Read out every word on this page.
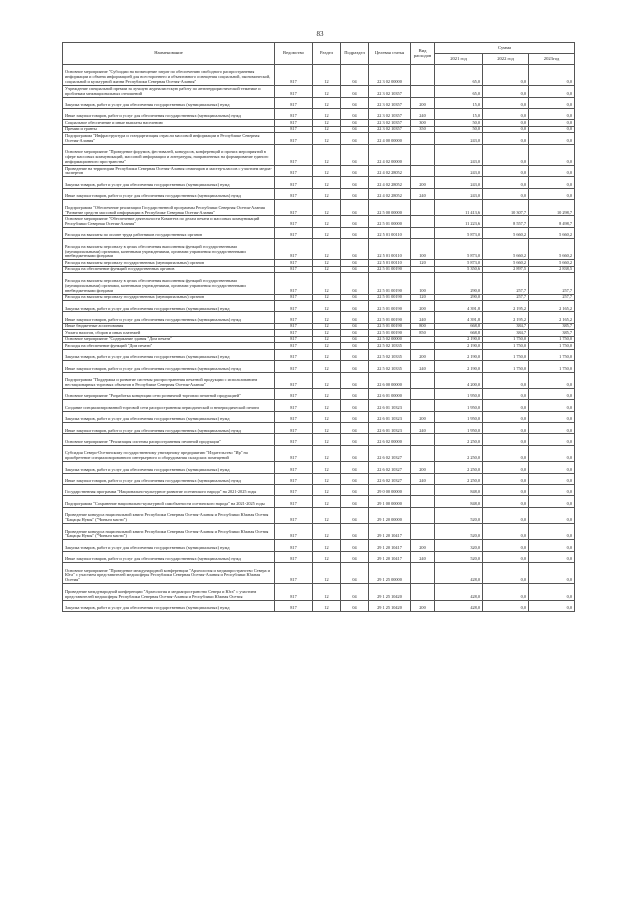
83
Наименование	Ведомство	Раздел	Подраздел	Целевая статья	Вид расходов	Сумма		
						2021 год	2022 год	2023год
Основное мероприятие "Субсидии на возмещение затрат по обеспечению свободного распространения информации и обмена информацией для всестороннего и объективного освещения социальной, экономической, социальной и культурной жизни Республики Северная Осетия-Алания"	817	12	04	22 3 02 00000		65,0	0,0	0,0
Учреждение специальной премии за лучшую журналистскую работу по антитеррористической тематике и проблемам межнациональных отношений	817	12	04	22 3 02 10357		65,0	0,0	0,0
Закупка товаров, работ и услуг для обеспечения государственных (муниципальных) нужд	817	12	04	22 3 02 10357	200	15,0	0,0	0,0
Иные закупки товаров, работ и услуг для обеспечения государственных (муниципальных) нужд	817	12	04	22 3 02 10357	240	15,0	0,0	0,0
Социальное обеспечение и иные выплаты населению	817	12	04	22 3 02 10357	300	50,0	0,0	0,0
Премии и гранты	817	12	04	22 3 02 10357	350	50,0	0,0	0,0
Подпрограмма "Инфраструктура и стандартизация отрасли массовой информации в Республике Северная Осетия-Алания"	817	12	04	22 4 00 00000		243,0	0,0	0,0
Основное мероприятие "Проведение форумов, фестивалей, конкурсов, конференций и прочих мероприятий в сфере массовых коммуникаций, массовой информации и литературы, направленных на формирование единого информационного пространства"	817	12	04	22 4 02 00000		243,0	0,0	0,0
Проведение на территории Республики Северная Осетия-Алания семинаров и мастер-классов с участием медиа-экспертов	817	12	04	22 4 02 28052		243,0	0,0	0,0
Закупка товаров, работ и услуг для обеспечения государственных (муниципальных) нужд	817	12	04	22 4 02 28052	200	243,0	0,0	0,0
Иные закупки товаров, работ и услуг для обеспечения государственных (муниципальных) нужд	817	12	04	22 4 02 28052	240	243,0	0,0	0,0
Подпрограмма "Обеспечение реализации Государственной программы Республики Северная Осетия-Алания "Развитие средств массовой информации в Республике Северная Осетия-Алания"	817	12	04	22 5 00 00000		11 413,6	10 307,7	10 298,7
Основное мероприятие "Обеспечение деятельности Комитета по делам печати и массовых коммуникаций Республики Северная Осетия-Алания"	817	12	04	22 5 01 00000		11 223,6	8 557,7	8 498,7
Расходы на выплаты по оплате труда работников государственных органов	817	12	04	22 5 01 00110		5 873,0	5 660,2	5 660,2
Расходы на выплаты персоналу в целях обеспечения выполнения функций государственными (муниципальными) органами, казенными учреждениями, органами управления государственными внебюджетными фондами	817	12	04	22 5 01 00110	100	5 873,0	5 660,2	5 660,2
Расходы на выплаты персоналу государственных (муниципальных) органов	817	12	04	22 5 01 00110	120	5 873,0	5 660,2	5 660,2
Расходы на обеспечение функций государственных органов	817	12	04	22 5 01 00190		5 350,6	2 897,5	2 838,5
Расходы на выплаты персоналу в целях обеспечения выполнения функций государственными (муниципальными) органами, казенными учреждениями, органами управления государственными внебюджетными фондами	817	12	04	22 5 01 00190	100	290,0	257,7	257,7
Расходы на выплаты персоналу государственных (муниципальных) органов	817	12	04	22 5 01 00190	120	290,0	257,7	257,7
Закупка товаров, работ и услуг для обеспечения государственных (муниципальных) нужд	817	12	04	22 5 01 00190	200	4 391,8	2 195,2	2 165,2
Иные закупки товаров, работ и услуг для обеспечения государственных (муниципальных) нужд	817	12	04	22 5 01 00190	240	4 391,8	2 195,2	2 165,2
Иные бюджетные ассигнования	817	12	04	22 5 01 00190	800	668,8	384,7	385,7
Уплата налогов, сборов и иных платежей	817	12	04	22 5 01 00190	850	668,8	384,7	385,7
Основное мероприятие "Содержание здания "Дом печати"	817	12	04	22 5 02 00000		2 190,0	1 750,0	1 750,0
Расходы на обеспечение функций "Дом печати"	817	12	04	22 5 02 10335		2 190,0	1 750,0	1 750,0
Закупка товаров, работ и услуг для обеспечения государственных (муниципальных) нужд	817	12	04	22 5 02 10335	200	2 190,0	1 750,0	1 750,0
Иные закупки товаров, работ и услуг для обеспечения государственных (муниципальных) нужд	817	12	04	22 5 02 10335	240	2 190,0	1 750,0	1 750,0
Подпрограмма "Поддержка и развитие системы распространения печатной продукции с использованием нестационарных торговых объектов в Республике Северная Осетия-Алания"	817	12	04	22 6 00 00000		4 200,0	0,0	0,0
Основное мероприятие "Разработка концепции сети розничной торговли печатной продукцией"	817	12	04	22 6 01 00000		1 950,0	0,0	0,0
Создание специализированной торговой сети распространения периодической и непериодической печати	817	12	04	22 6 01 10323		1 950,0	0,0	0,0
Закупка товаров, работ и услуг для обеспечения государственных (муниципальных) нужд	817	12	04	22 6 01 10323	200	1 950,0	0,0	0,0
Иные закупки товаров, работ и услуг для обеспечения государственных (муниципальных) нужд	817	12	04	22 6 01 10323	240	1 950,0	0,0	0,0
Основное мероприятие "Реализация системы распространения печатной продукции"	817	12	04	22 6 02 00000		2 250,0	0,0	0,0
Субсидия Северо-Осетинскому государственному унитарному предприятию "Издательство "Ир" на приобретение специализированного интерьерного и оборудования складских помещений	817	12	04	22 6 02 10327		2 250,0	0,0	0,0
Закупка товаров, работ и услуг для обеспечения государственных (муниципальных) нужд	817	12	04	22 6 02 10327	200	2 250,0	0,0	0,0
Иные закупки товаров, работ и услуг для обеспечения государственных (муниципальных) нужд	817	12	04	22 6 02 10327	240	2 250,0	0,0	0,0
Государственная программа "Национально-культурное развитие осетинского народа" на 2021-2025 годы	817	12	04	29 0 00 00000		848,0	0,0	0,0
Подпрограмма "Сохранение национально-культурной самобытности осетинского народа" на 2021-2025 годы	817	12	04	29 1 00 00000		848,0	0,0	0,0
Проведение конкурса национальной книги Республики Северная Осетия-Алания и Республики Южная Осетия "Бацацы Нумы" ("Чиньги масти")	817	12	04	29 1 20 00000		520,0	0,0	0,0
Проведение конкурса национальной книги Республики Северная Осетия-Алания и Республики Южная Осетия "Бацацы Нумы" ("Чиньги масти")	817	12	04	29 1 20 10417		520,0	0,0	0,0
Закупка товаров, работ и услуг для обеспечения государственных (муниципальных) нужд	817	12	04	29 1 20 10417	200	320,0	0,0	0,0
Иные закупки товаров, работ и услуг для обеспечения государственных (муниципальных) нужд	817	12	04	29 1 20 10417	240	520,0	0,0	0,0
Основное мероприятие "Проведение международной конференции "Археология и медиапространство Севера и Юга" с участием представителей медиасферы Республики Северная Осетия-Алания и Республики Южная Осетия"	817	12	04	29 1 25 00000		428,0	0,0	0,0
Проведение международной конференции "Археология и медиапространство Севера и Юга" с участием представителей медиасферы Республики Северная Осетия-Алания и Республики Южная Осетия	817	12	04	29 1 25 10420		428,0	0,0	0,0
Закупка товаров, работ и услуг для обеспечения государственных (муниципальных) нужд	817	12	04	29 1 25 10420	200	428,0	0,0	0,0
